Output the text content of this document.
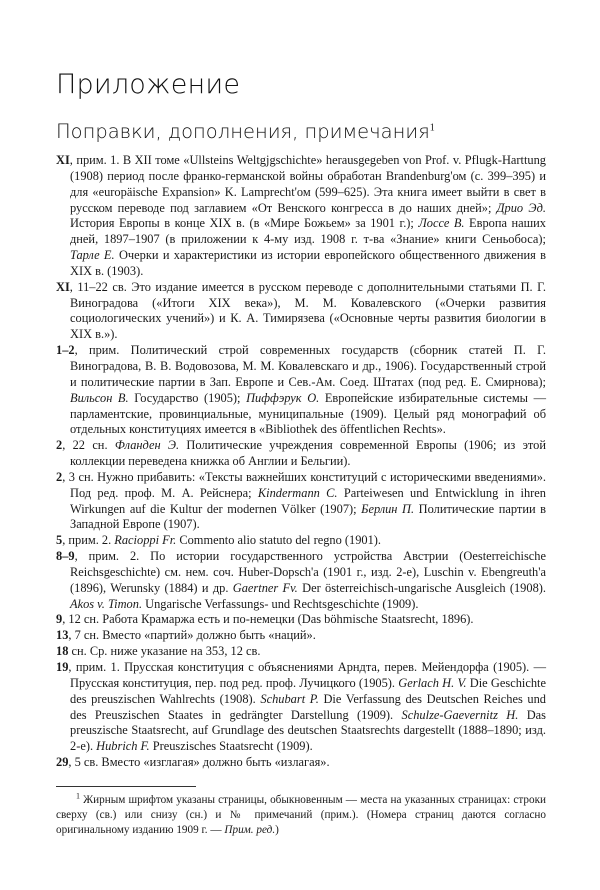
Приложение
Поправки, дополнения, примечания$^1$

XI, прим. 1. В XII томе «Ullsteins Weltgjgschichte» herausgegeben von Prof. v. Pflugk-Harttung (1908) период после франко-германской войны обработан Brandenburg'ом (с. 399–395) и для «europäische Expansion» K. Lamprecht'ом (599–625). Эта книга имеет выйти в свет в русском переводе под заглавием «От Венского конгресса в до наших дней»; Дрио Эд. История Европы в конце XIX в. (в «Мире Божьем» за 1901 г.); Лоссе В. Европа наших дней, 1897–1907 (в приложении к 4-му изд. 1908 г. т-ва «Знание» книги Сеньобоса); Тарле Е. Очерки и характеристики из истории европейского общественного движения в XIX в. (1903).

XI, 11–22 св. Это издание имеется в русском переводе с дополнительными статьями П. Г. Виноградова («Итоги XIX века»), М. М. Ковалевского («Очерки развития социологических учений») и К. А. Тимирязева («Основные черты развития биологии в XIX в.»).

1–2, прим. Политический строй современных государств (сборник статей П. Г. Виноградова, В. В. Водовозова, М. М. Ковалевскаго и др., 1906). Государственный строй и политические партии в Зап. Европе и Сев.-Ам. Соед. Штатах (под ред. Е. Смирнова); Вильсон В. Государство (1905); Пиффэрук О. Европейские избирательные системы — парламентские, провинциальные, муниципальные (1909). Целый ряд монографий об отдельных конституциях имеется в «Bibliothek des öffentlichen Rechts».

2, 22 сн. Фланден Э. Политические учреждения современной Европы (1906; из этой коллекции переведена книжка об Англии и Бельгии).

2, 3 сн. Нужно прибавить: «Тексты важнейших конституций с историческими введениями». Под ред. проф. М. А. Рейснера; Kindermann C. Parteiwesen und Entwicklung in ihren Wirkungen auf die Kultur der modernen Völker (1907); Берлин П. Политические партии в Западной Европе (1907).

5, прим. 2. Racioppi Fr. Commento alio statuto del regno (1901).

8–9, прим. 2. По истории государственного устройства Австрии (Oesterreichische Reichsgeschichte) см. нем. соч. Huber-Dopsch'a (1901 г., изд. 2-е), Luschin v. Ebengreuth'a (1896), Werunsky (1884) и др. Gaertner Fv. Der österreichisch-ungarische Ausgleich (1908). Akos v. Timon. Ungarische Verfassungs- und Rechtsgeschichte (1909).

9, 12 сн. Работа Крамаржа есть и по-немецки (Das böhmische Staatsrecht, 1896).

13, 7 сн. Вместо «партий» должно быть «наций».

18 сн. Ср. ниже указание на 353, 12 св.

19, прим. 1. Прусская конституция с объяснениями Арндта, перев. Мейендорфа (1905). — Прусская конституция, пер. под ред. проф. Лучицкого (1905). Gerlach H. V. Die Geschichte des preuszischen Wahlrechts (1908). Schubart P. Die Verfassung des Deutschen Reiches und des Preuszischen Staates in gedrängter Darstellung (1909). Schulze-Gaevernitz H. Das preuszische Staatsrecht, auf Grundlage des deutschen Staatsrechts dargestellt (1888–1890; изд. 2-е). Hubrich F. Preuszisches Staatsrecht (1909).

29, 5 св. Вместо «изглагая» должно быть «излагая».

$^1$ Жирным шрифтом указаны страницы, обыкновенным — места на указанных страницах: строки сверху (св.) или снизу (сн.) и № примечаний (прим.). (Номера страниц даются согласно оригинальному изданию 1909 г. — Прим. ред.)
